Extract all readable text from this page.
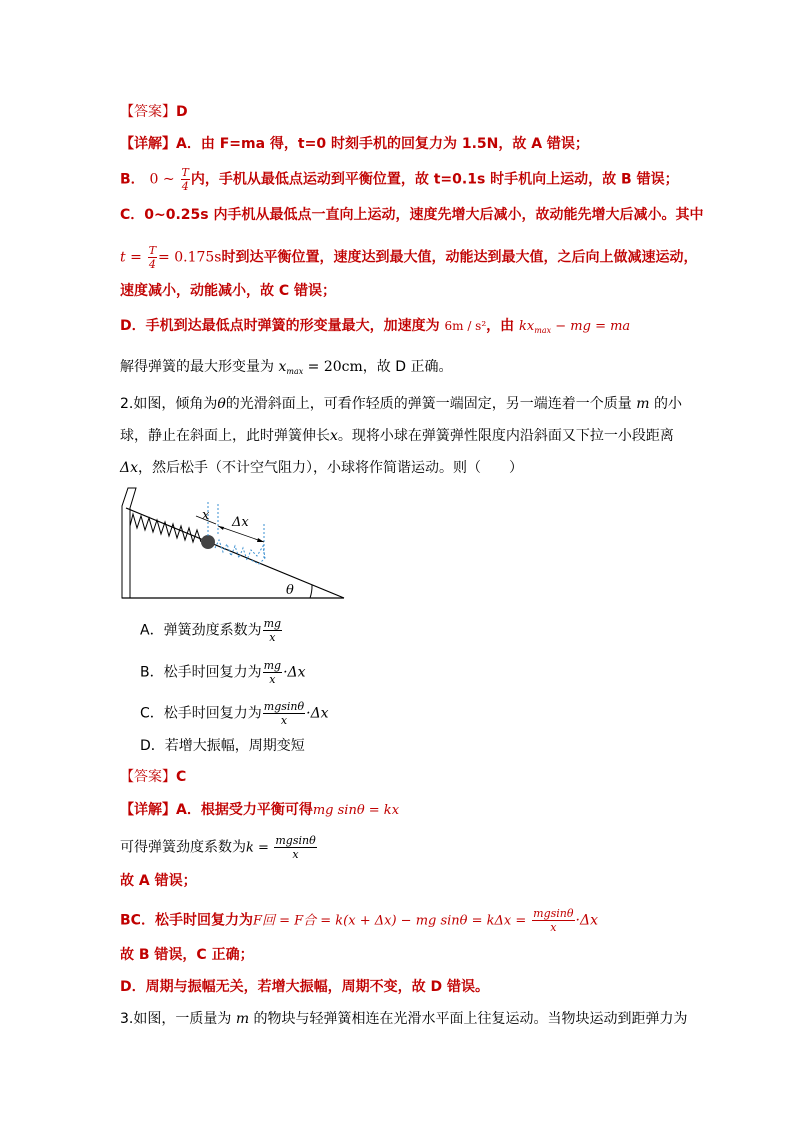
【答案】D
【详解】A．由 F=ma 得，t=0 时刻手机的回复力为 1.5N，故 A 错误；
B． 0 ~ $\frac{T}{4}$ 内，手机从最低点运动到平衡位置，故 t=0.1s 时手机向上运动，故 B 错误；
C．0~0.25s 内手机从最低点一直向上运动，速度先增大后减小，故动能先增大后减小。其中
$t = \frac{T}{4} = 0.175s$时到达平衡位置，速度达到最大值，动能达到最大值，之后向上做减速运动，
速度减小，动能减小，故 C 错误；
D．手机到达最低点时弹簧的形变量最大，加速度为 6m / s²，由 $kx_{max}$ − mg = ma
解得弹簧的最大形变量为 $x_{max} = 20cm$，故 D 正确。
2.如图，倾角为θ的光滑斜面上，可看作轻质的弹簧一端固定，另一端连着一个质量 m 的小
球，静止在斜面上，此时弹簧伸长x。现将小球在弹簧弹性限度内沿斜面又下拉一小段距离
Δx，然后松手（不计空气阻力），小球将作简谐运动。则（　　）
x Δx
θ
A．弹簧劲度系数为 $\frac{mg}{x}$
B．松手时回复力为 $\frac{mg}{x} \cdot\Delta x$
C．松手时回复力为 $\frac{mgsin\theta}{x} \cdot\Delta x$
D．若增大振幅，周期变短
【答案】C
【详解】A．根据受力平衡可得mg sinθ = kx
可得弹簧劲度系数为$k = \frac{mgsin\theta}{x}$
故 A 错误；
BC．松手时回复力为F回 = F合 = k(x + Δx) − mg $\sin\theta = k\Delta x = \frac{mgsin\theta}{x} \cdot\Delta x$
故 B 错误，C 正确；
D．周期与振幅无关，若增大振幅，周期不变，故 D 错误。
3.如图，一质量为 m 的物块与轻弹簧相连在光滑水平面上往复运动。当物块运动到距弹力为
